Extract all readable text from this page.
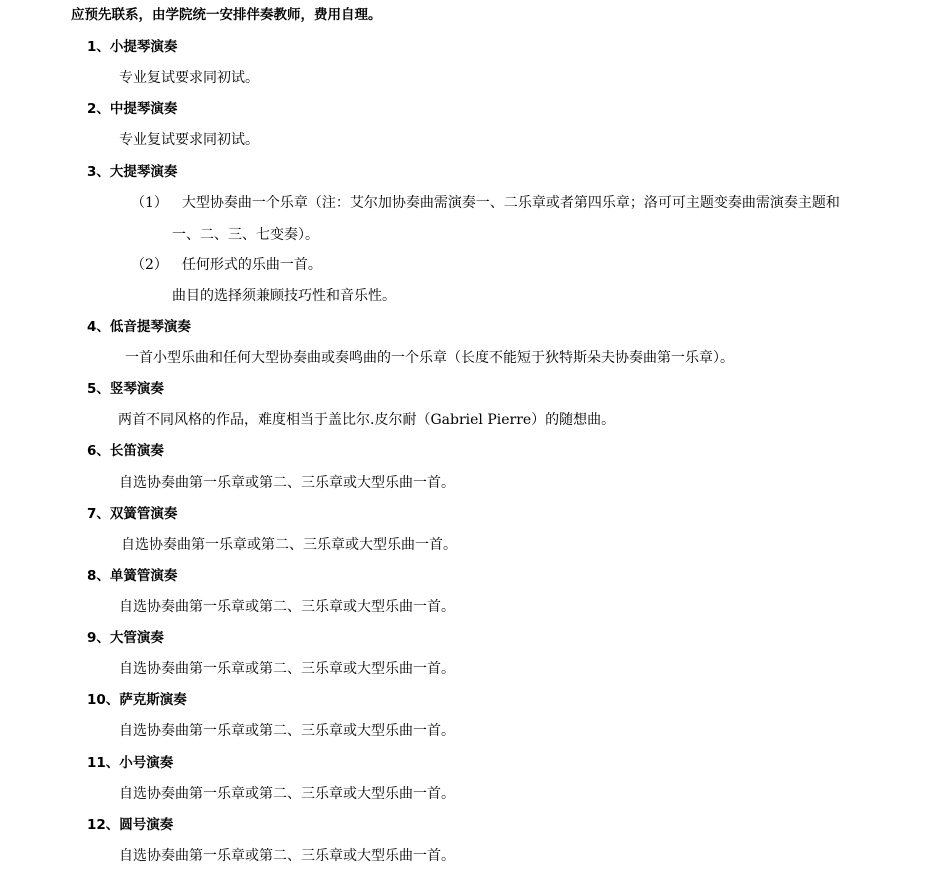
应预先联系，由学院统一安排伴奏教师，费用自理。
1、小提琴演奏
专业复试要求同初试。
2、中提琴演奏
专业复试要求同初试。
3、大提琴演奏
（1） 大型协奏曲一个乐章（注：艾尔加协奏曲需演奏一、二乐章或者第四乐章；洛可可主题变奏曲需演奏主题和
一、二、三、七变奏）。
（2） 任何形式的乐曲一首。
曲目的选择须兼顾技巧性和音乐性。
4、低音提琴演奏
一首小型乐曲和任何大型协奏曲或奏鸣曲的一个乐章（长度不能短于狄特斯朵夫协奏曲第一乐章）。
5、竖琴演奏
两首不同风格的作品，难度相当于盖比尔.皮尔耐（Gabriel Pierre）的随想曲。
6、长笛演奏
自选协奏曲第一乐章或第二、三乐章或大型乐曲一首。
7、双簧管演奏
自选协奏曲第一乐章或第二、三乐章或大型乐曲一首。
8、单簧管演奏
自选协奏曲第一乐章或第二、三乐章或大型乐曲一首。
9、大管演奏
自选协奏曲第一乐章或第二、三乐章或大型乐曲一首。
10、萨克斯演奏
自选协奏曲第一乐章或第二、三乐章或大型乐曲一首。
11、小号演奏
自选协奏曲第一乐章或第二、三乐章或大型乐曲一首。
12、圆号演奏
自选协奏曲第一乐章或第二、三乐章或大型乐曲一首。
